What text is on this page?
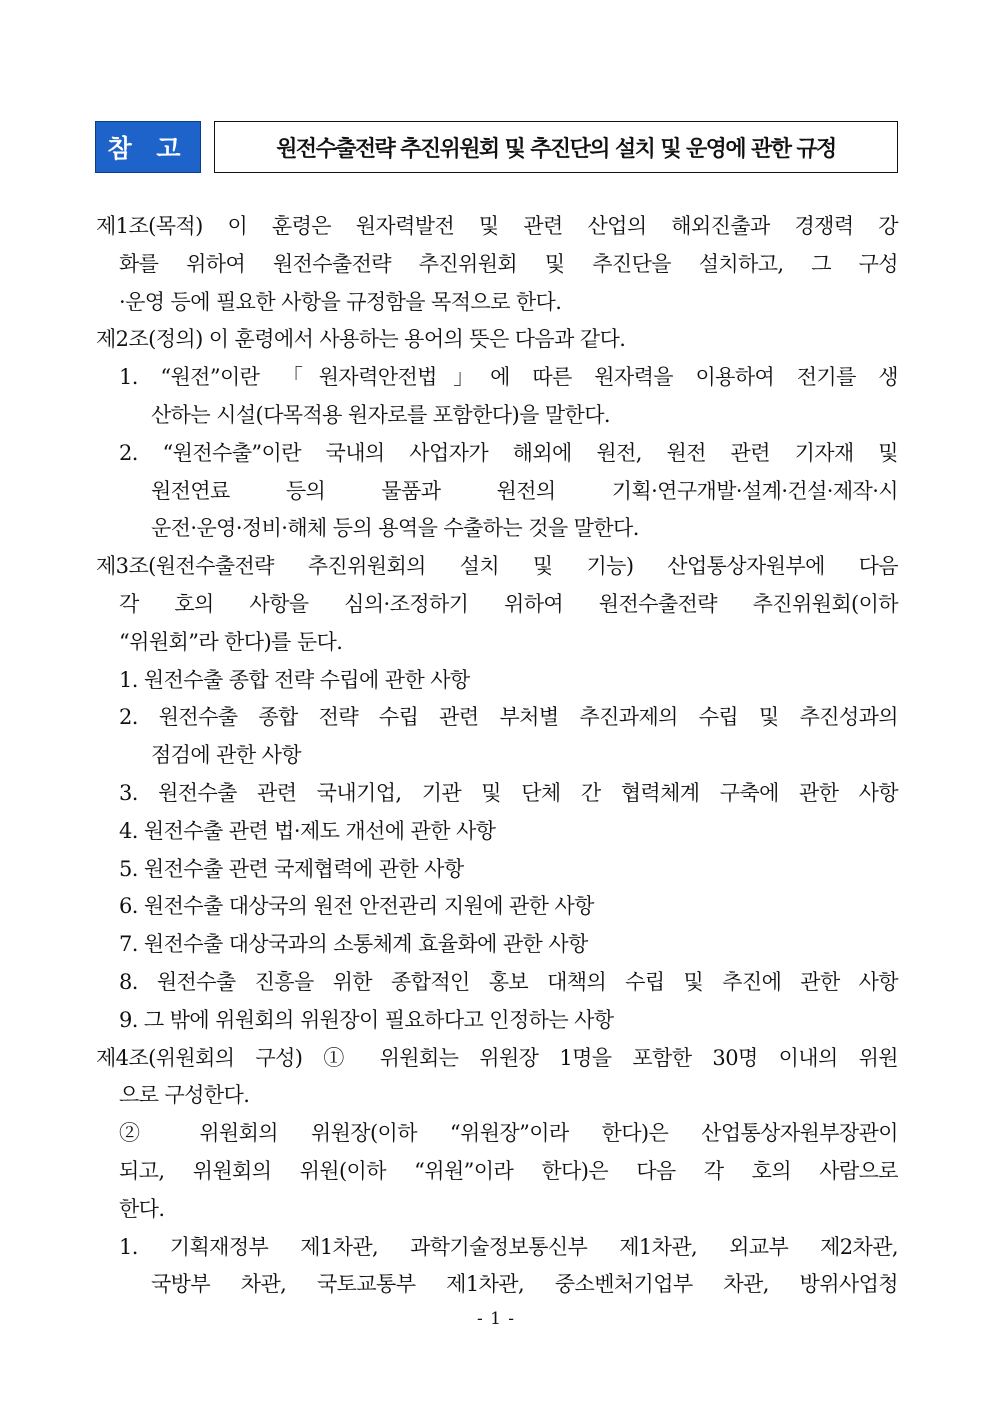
참 고	원전수출전략 추진위원회 및 추진단의 설치 및 운영에 관한 규정
제1조(목적) 이 훈령은 원자력발전 및 관련 산업의 해외진출과 경쟁력 강
화를 위하여 원전수출전략 추진위원회 및 추진단을 설치하고, 그 구성
·운영 등에 필요한 사항을 규정함을 목적으로 한다.
제2조(정의) 이 훈령에서 사용하는 용어의 뜻은 다음과 같다.
1. “원전”이란 「원자력안전법」에 따른 원자력을 이용하여 전기를 생
산하는 시설(다목적용 원자로를 포함한다)을 말한다.
2. “원전수출”이란 국내의 사업자가 해외에 원전, 원전 관련 기자재 및
원전연료 등의 물품과 원전의 기획·연구개발·설계·건설·제작·시
운전·운영·정비·해체 등의 용역을 수출하는 것을 말한다.
제3조(원전수출전략 추진위원회의 설치 및 기능) 산업통상자원부에 다음
각 호의 사항을 심의·조정하기 위하여 원전수출전략 추진위원회(이하
“위원회”라 한다)를 둔다.
1. 원전수출 종합 전략 수립에 관한 사항
2. 원전수출 종합 전략 수립 관련 부처별 추진과제의 수립 및 추진성과의
점검에 관한 사항
3. 원전수출 관련 국내기업, 기관 및 단체 간 협력체계 구축에 관한 사항
4. 원전수출 관련 법·제도 개선에 관한 사항
5. 원전수출 관련 국제협력에 관한 사항
6. 원전수출 대상국의 원전 안전관리 지원에 관한 사항
7. 원전수출 대상국과의 소통체계 효율화에 관한 사항
8. 원전수출 진흥을 위한 종합적인 홍보 대책의 수립 및 추진에 관한 사항
9. 그 밖에 위원회의 위원장이 필요하다고 인정하는 사항
제4조(위원회의 구성) ① 위원회는 위원장 1명을 포함한 30명 이내의 위원
으로 구성한다.
② 위원회의 위원장(이하 “위원장”이라 한다)은 산업통상자원부장관이
되고, 위원회의 위원(이하 “위원”이라 한다)은 다음 각 호의 사람으로
한다.
1. 기획재정부 제1차관, 과학기술정보통신부 제1차관, 외교부 제2차관,
국방부 차관, 국토교통부 제1차관, 중소벤처기업부 차관, 방위사업청
- 1 -
